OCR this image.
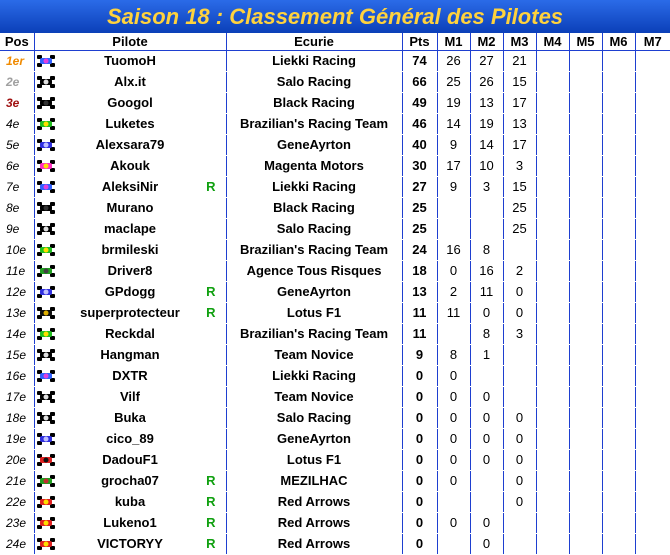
Saison 18 : Classement Général des Pilotes
Pos	Pilote	Ecurie	Pts	M1	M2	M3	M4	M5	M6	M7
1er	TuomoH	Liekki Racing	74	26	27	21				
2e	Alx.it	Salo Racing	66	25	26	15				
3e	Googol	Black Racing	49	19	13	17				
4e	Luketes	Brazilian's Racing Team	46	14	19	13				
5e	Alexsara79	GeneAyrton	40	9	14	17				
6e	Akouk	Magenta Motors	30	17	10	3				
7e	AleksiNir R	Liekki Racing	27	9	3	15				
8e	Murano	Black Racing	25			25				
9e	maclape	Salo Racing	25			25				
10e	brmileski	Brazilian's Racing Team	24	16	8					
11e	Driver8	Agence Tous Risques	18	0	16	2				
12e	GPdogg R	GeneAyrton	13	2	11	0				
13e	superprotecteur R	Lotus F1	11	11	0	0				
14e	Reckdal	Brazilian's Racing Team	11		8	3				
15e	Hangman	Team Novice	9	8	1					
16e	DXTR	Liekki Racing	0	0						
17e	Vilf	Team Novice	0	0	0					
18e	Buka	Salo Racing	0	0	0	0				
19e	cico_89	GeneAyrton	0	0	0	0				
20e	DadouF1	Lotus F1	0	0	0	0				
21e	grocha07 R	MEZILHAC	0	0		0				
22e	kuba R	Red Arrows	0			0				
23e	Lukeno1 R	Red Arrows	0	0	0					
24e	VICTORYY R	Red Arrows	0		0					
